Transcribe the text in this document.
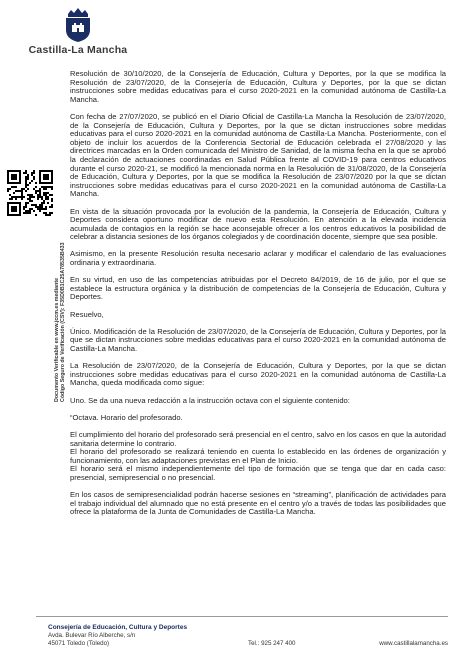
Castilla-La Mancha
Documento Verificable en www.jccm.es mediante Código Seguro de Verificación (CSV): F35D0B1C25A78535B433

Resolución de 30/10/2020, de la Consejería de Educación, Cultura y Deportes, por la que se modifica la Resolución de 23/07/2020, de la Consejería de Educación, Cultura y Deportes, por la que se dictan instrucciones sobre medidas educativas para el curso 2020-2021 en la comunidad autónoma de Castilla-La Mancha.

Con fecha de 27/07/2020, se publicó en el Diario Oficial de Castilla-La Mancha la Resolución de 23/07/2020, de la Consejería de Educación, Cultura y Deportes, por la que se dictan instrucciones sobre medidas educativas para el curso 2020-2021 en la comunidad autónoma de Castilla-La Mancha. Posteriormente, con el objeto de incluir los acuerdos de la Conferencia Sectorial de Educación celebrada el 27/08/2020 y las directrices marcadas en la Orden comunicada del Ministro de Sanidad, de la misma fecha en la que se aprobó la declaración de actuaciones coordinadas en Salud Pública frente al COVID-19 para centros educativos durante el curso 2020-21, se modificó la mencionada norma en la Resolución de 31/08/2020, de la Consejería de Educación, Cultura y Deportes, por la que se modifica la Resolución de 23/07/2020 por la que se dictan instrucciones sobre medidas educativas para el curso 2020-2021 en la comunidad autónoma de Castilla-La Mancha.

En vista de la situación provocada por la evolución de la pandemia, la Consejería de Educación, Cultura y Deportes considera oportuno modificar de nuevo esta Resolución. En atención a la elevada incidencia acumulada de contagios en la región se hace aconsejable ofrecer a los centros educativos la posibilidad de celebrar a distancia sesiones de los órganos colegiados y de coordinación docente, siempre que sea posible.

Asimismo, en la presente Resolución resulta necesario aclarar y modificar el calendario de las evaluaciones ordinaria y extraordinaria.

En su virtud, en uso de las competencias atribuidas por el Decreto 84/2019, de 16 de julio, por el que se establece la estructura orgánica y la distribución de competencias de la Consejería de Educación, Cultura y Deportes.

Resuelvo,

Único. Modificación de la Resolución de 23/07/2020, de la Consejería de Educación, Cultura y Deportes, por la que se dictan instrucciones sobre medidas educativas para el curso 2020-2021 en la comunidad autónoma de Castilla-La Mancha.

La Resolución de 23/07/2020, de la Consejería de Educación, Cultura y Deportes, por la que se dictan instrucciones sobre medidas educativas para el curso 2020-2021 en la comunidad autónoma de Castilla-La Mancha, queda modificada como sigue:

Uno. Se da una nueva redacción a la instrucción octava con el siguiente contenido:

“Octava. Horario del profesorado.

El cumplimiento del horario del profesorado será presencial en el centro, salvo en los casos en que la autoridad sanitaria determine lo contrario.

El horario del profesorado se realizará teniendo en cuenta lo establecido en las órdenes de organización y funcionamiento, con las adaptaciones previstas en el Plan de Inicio.

El horario será el mismo independientemente del tipo de formación que se tenga que dar en cada caso: presencial, semipresencial o no presencial.

En los casos de semipresencialidad podrán hacerse sesiones en “streaming”, planificación de actividades para el trabajo individual del alumnado que no está presente en el centro y/o a través de todas las posibilidades que ofrece la plataforma de la Junta de Comunidades de Castilla-La Mancha.

Consejería de Educación, Cultura y Deportes
Avda. Bulevar Río Alberche, s/n
45071 Toledo (Toledo)	Tel.: 925 247 400	www.castillalamancha.es
